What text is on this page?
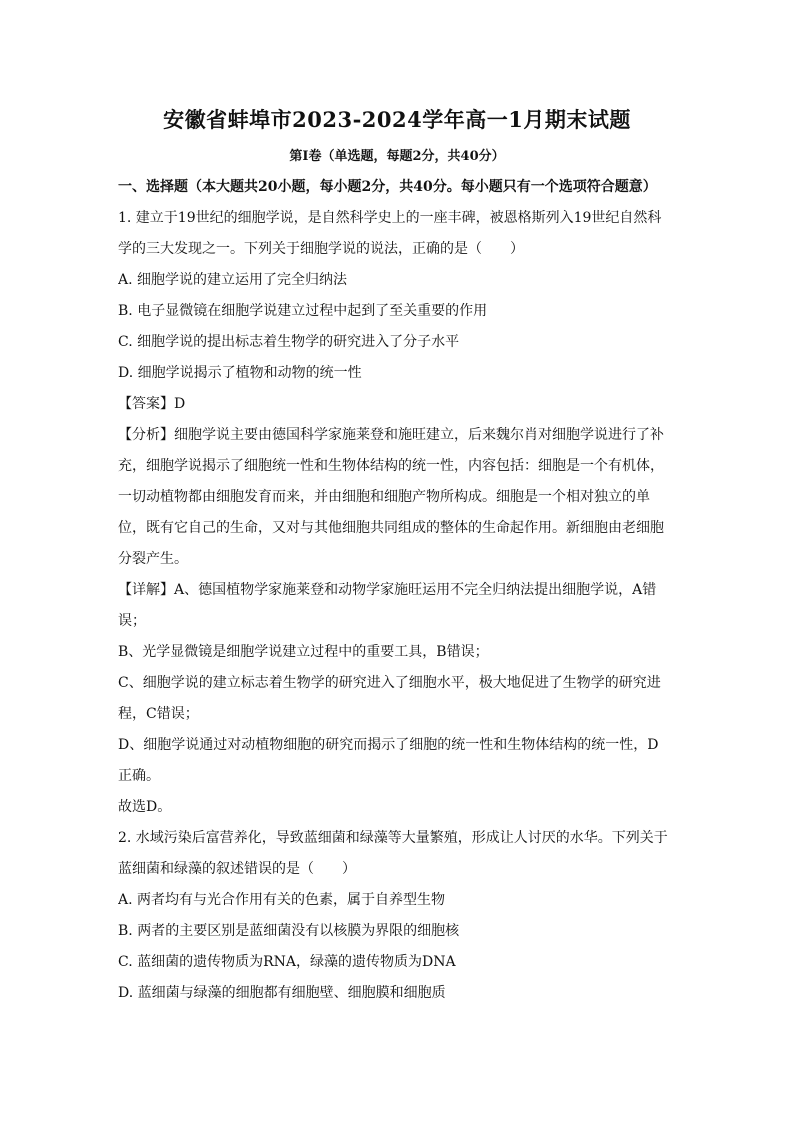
安徽省蚌埠市2023-2024学年高一1月期末试题
第I卷（单选题，每题2分，共40分）
一、选择题（本大题共20小题，每小题2分，共40分。每小题只有一个选项符合题意）
1. 建立于19世纪的细胞学说，是自然科学史上的一座丰碑，被恩格斯列入19世纪自然科
学的三大发现之一。下列关于细胞学说的说法，正确的是（　　）
A. 细胞学说的建立运用了完全归纳法
B. 电子显微镜在细胞学说建立过程中起到了至关重要的作用
C. 细胞学说的提出标志着生物学的研究进入了分子水平
D. 细胞学说揭示了植物和动物的统一性
【答案】D
【分析】细胞学说主要由德国科学家施莱登和施旺建立，后来魏尔肖对细胞学说进行了补
充，细胞学说揭示了细胞统一性和生物体结构的统一性，内容包括：细胞是一个有机体，
一切动植物都由细胞发育而来，并由细胞和细胞产物所构成。细胞是一个相对独立的单
位，既有它自己的生命，又对与其他细胞共同组成的整体的生命起作用。新细胞由老细胞
分裂产生。
【详解】A、德国植物学家施莱登和动物学家施旺运用不完全归纳法提出细胞学说，A错
误；
B、光学显微镜是细胞学说建立过程中的重要工具，B错误；
C、细胞学说的建立标志着生物学的研究进入了细胞水平，极大地促进了生物学的研究进
程，C错误；
D、细胞学说通过对动植物细胞的研究而揭示了细胞的统一性和生物体结构的统一性，D
正确。
故选D。
2. 水域污染后富营养化，导致蓝细菌和绿藻等大量繁殖，形成让人讨厌的水华。下列关于
蓝细菌和绿藻的叙述错误的是（　　）
A. 两者均有与光合作用有关的色素，属于自养型生物
B. 两者的主要区别是蓝细菌没有以核膜为界限的细胞核
C. 蓝细菌的遗传物质为RNA，绿藻的遗传物质为DNA
D. 蓝细菌与绿藻的细胞都有细胞壁、细胞膜和细胞质
